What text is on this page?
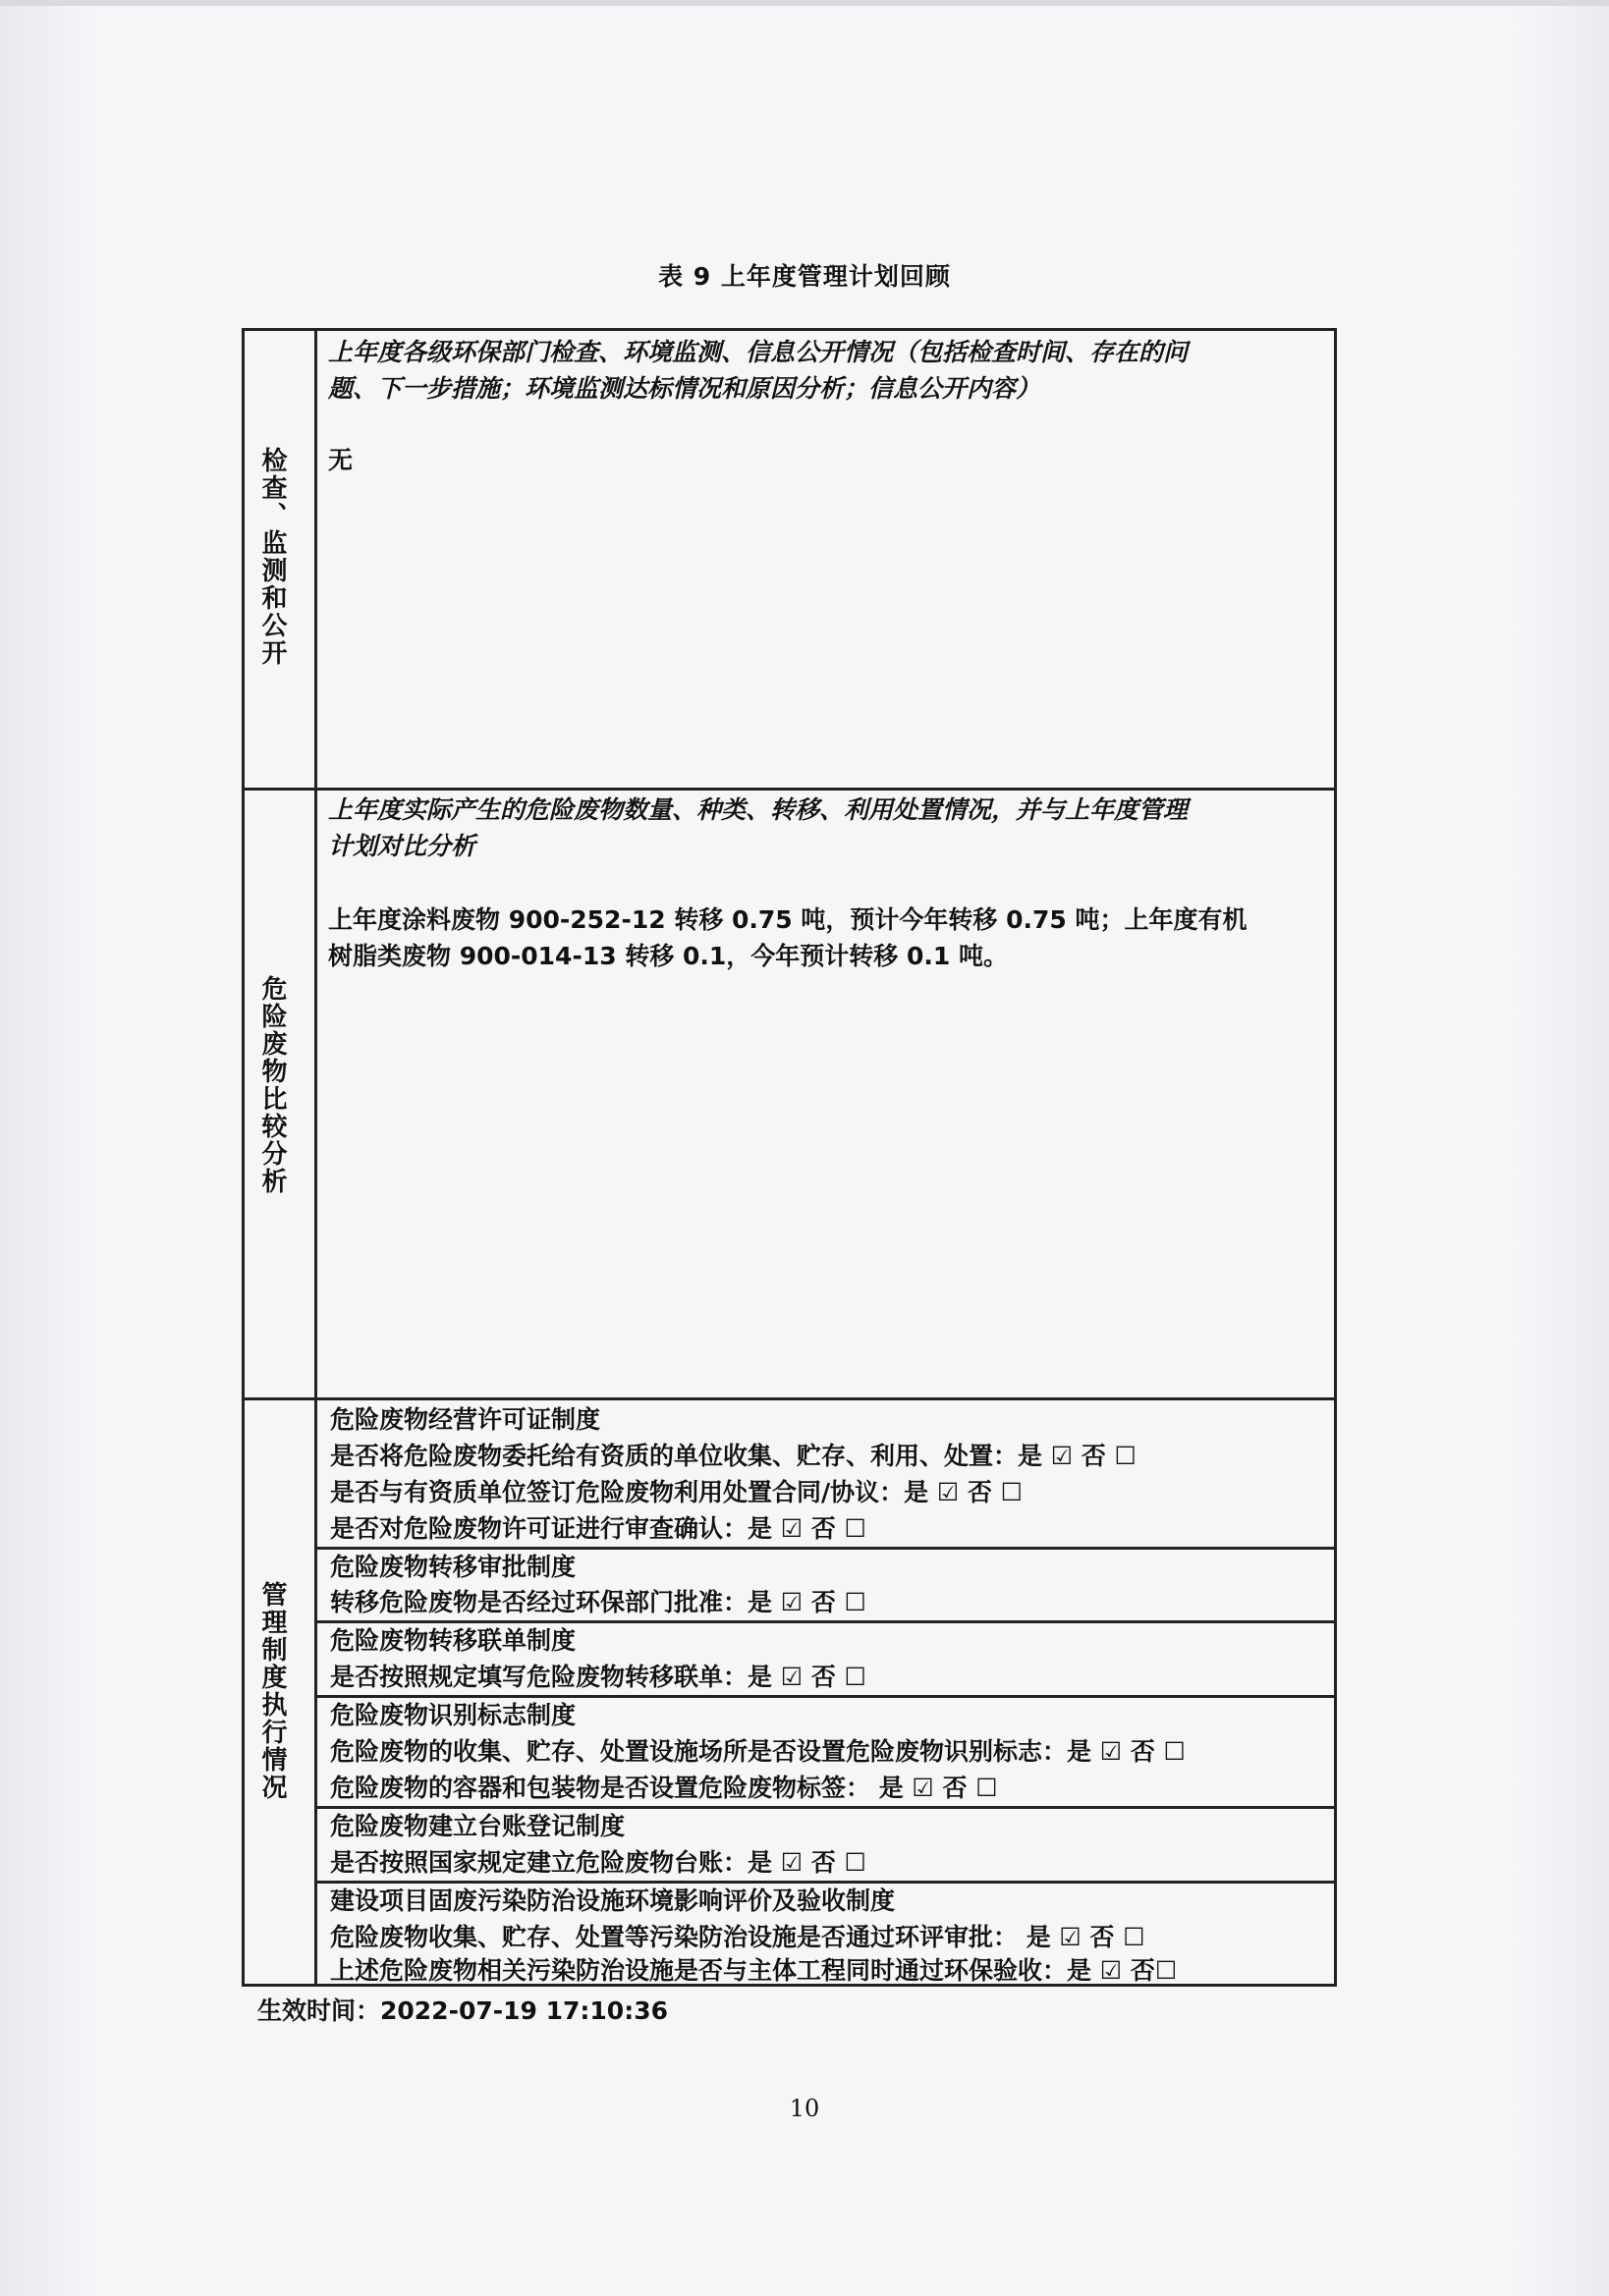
表 9 上年度管理计划回顾
检查、监测和公开
上年度各级环保部门检查、环境监测、信息公开情况（包括检查时间、存在的问
题、下一步措施；环境监测达标情况和原因分析；信息公开内容）
无
危险废物比较分析
上年度实际产生的危险废物数量、种类、转移、利用处置情况，并与上年度管理
计划对比分析
上年度涂料废物 900-252-12 转移 0.75 吨，预计今年转移 0.75 吨；上年度有机
树脂类废物 900-014-13 转移 0.1，今年预计转移 0.1 吨。
管理制度执行情况
危险废物经营许可证制度
是否将危险废物委托给有资质的单位收集、贮存、利用、处置：是 ☑ 否 ☐
是否与有资质单位签订危险废物利用处置合同/协议：是 ☑ 否 ☐
是否对危险废物许可证进行审查确认：是 ☑ 否 ☐
危险废物转移审批制度
转移危险废物是否经过环保部门批准：是 ☑ 否 ☐
危险废物转移联单制度
是否按照规定填写危险废物转移联单：是 ☑ 否 ☐
危险废物识别标志制度
危险废物的收集、贮存、处置设施场所是否设置危险废物识别标志：是 ☑ 否 ☐
危险废物的容器和包装物是否设置危险废物标签： 是 ☑ 否 ☐
危险废物建立台账登记制度
是否按照国家规定建立危险废物台账：是 ☑ 否 ☐
建设项目固废污染防治设施环境影响评价及验收制度
危险废物收集、贮存、处置等污染防治设施是否通过环评审批： 是 ☑ 否 ☐
上述危险废物相关污染防治设施是否与主体工程同时通过环保验收：是 ☑ 否☐
生效时间：2022-07-19 17:10:36
10
